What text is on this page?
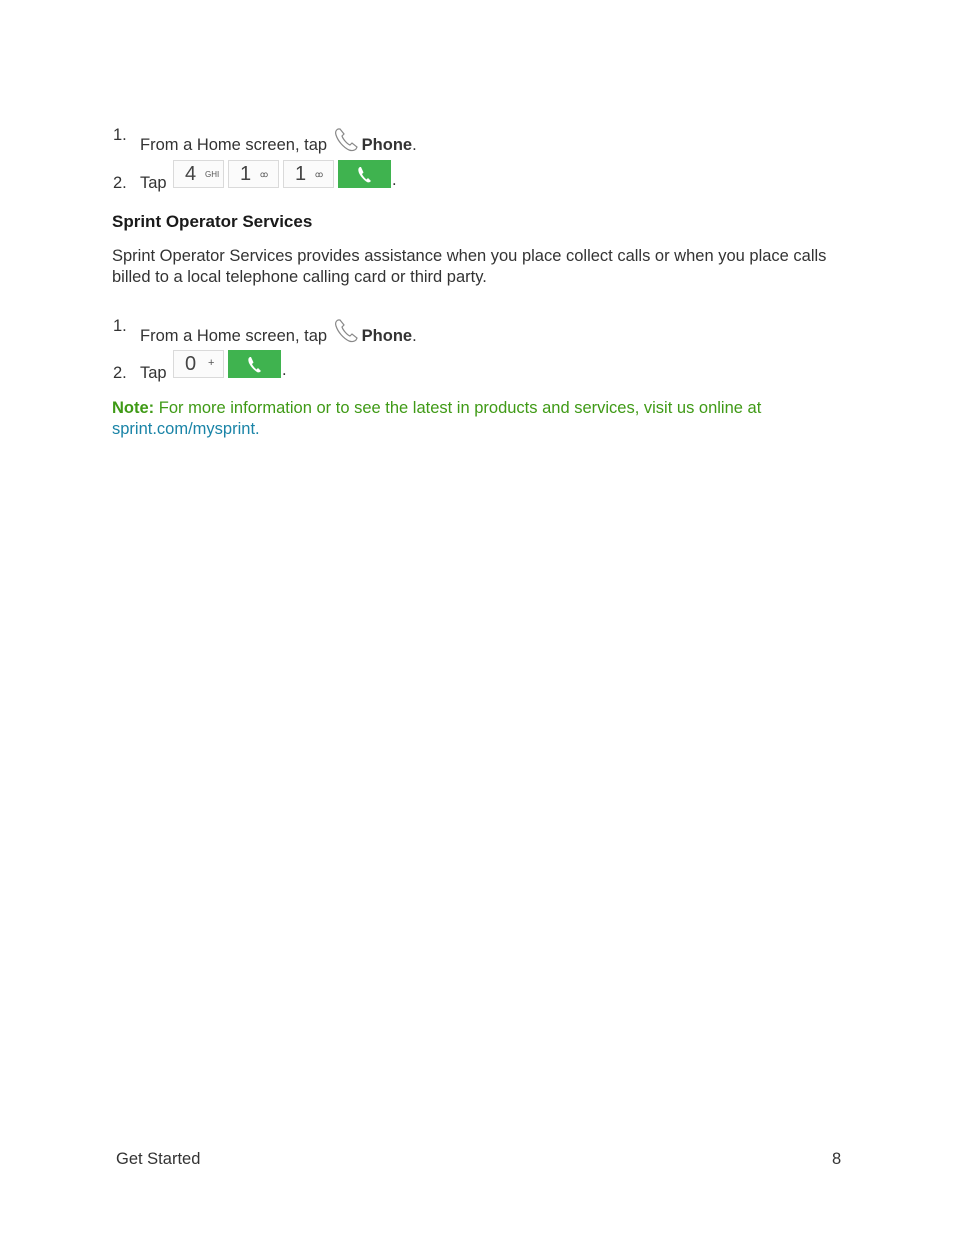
1.
From a Home screen, tap Phone.
2. Tap 4 GHI 1 ꝏ 1 ꝏ	.
Sprint Operator Services

Sprint Operator Services provides assistance when you place collect calls or when you place calls billed to a local telephone calling card or third party.

1.
From a Home screen, tap Phone.
2. Tap 0 +	.

Note: For more information or to see the latest in products and services, visit us online at
sprint.com/mysprint.

Get Started	8
